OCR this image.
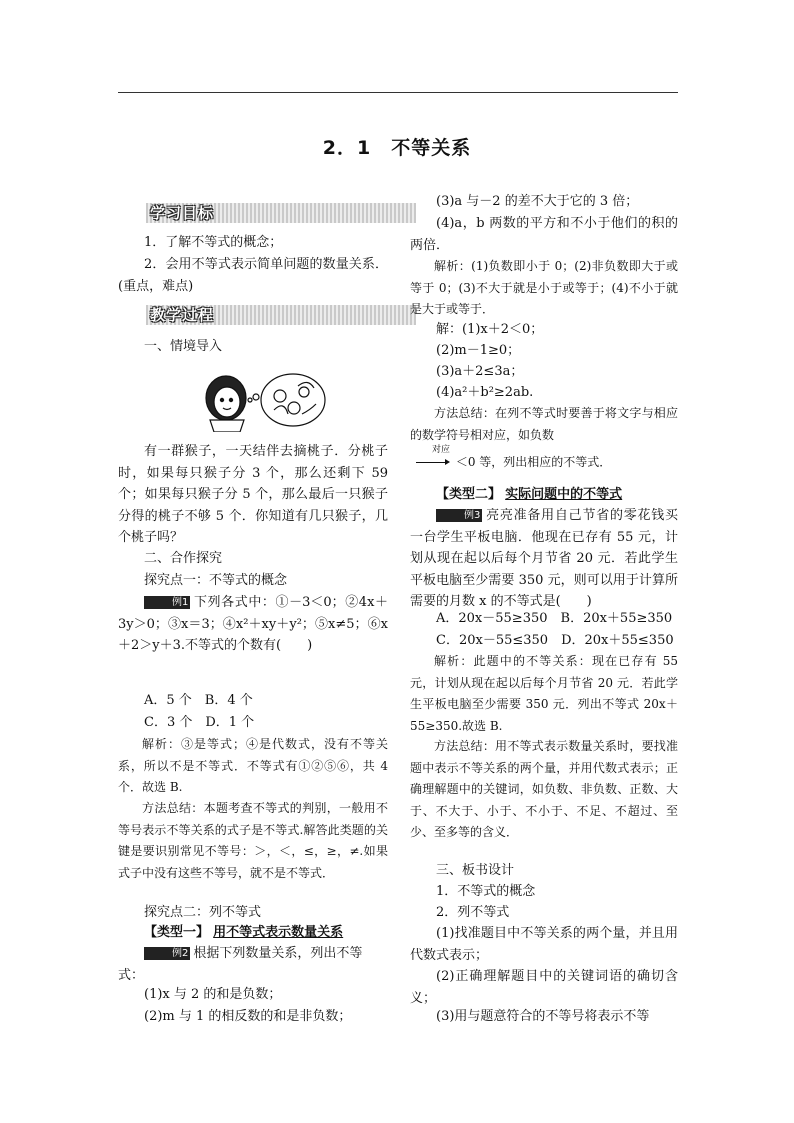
2．1　不等关系
学习目标
1．了解不等式的概念；
2．会用不等式表示简单问题的数量关系．(重点，难点)
教学过程
一、情境导入
有一群猴子，一天结伴去摘桃子．分桃子时，如果每只猴子分 3 个，那么还剩下 59 个；如果每只猴子分 5 个，那么最后一只猴子分得的桃子不够 5 个．你知道有几只猴子，几个桃子吗？
二、合作探究
探究点一：不等式的概念
例1 下列各式中：①－3＜0；②4x＋3y＞0；③x＝3；④x²＋xy＋y²；⑤x≠5；⑥x＋2＞y＋3.不等式的个数有(　　)
A．5 个　B．4 个
C．3 个　D．1 个
解析：③是等式；④是代数式，没有不等关系，所以不是不等式．不等式有①②⑤⑥，共 4 个．故选 B.
方法总结：本题考查不等式的判别，一般用不等号表示不等关系的式子是不等式.解答此类题的关键是要识别常见不等号：＞，＜，≤，≥，≠.如果式子中没有这些不等号，就不是不等式．
探究点二：列不等式
【类型一】 用不等式表示数量关系
例2 根据下列数量关系，列出不等式：
(1)x 与 2 的和是负数；
(2)m 与 1 的相反数的和是非负数；
(3)a 与－2 的差不大于它的 3 倍；
(4)a，b 两数的平方和不小于他们的积的两倍．
解析：(1)负数即小于 0；(2)非负数即大于或等于 0；(3)不大于就是小于或等于；(4)不小于就是大于或等于．
解：(1)x＋2＜0；
(2)m－1≥0；
(3)a＋2≤3a；
(4)a²＋b²≥2ab.
方法总结：在列不等式时要善于将文字与相应的数学符号相对应，如负数
对应
＜0 等，列出相应的不等式．
【类型二】 实际问题中的不等式
例3 亮亮准备用自己节省的零花钱买一台学生平板电脑．他现在已存有 55 元，计划从现在起以后每个月节省 20 元．若此学生平板电脑至少需要 350 元，则可以用于计算所需要的月数 x 的不等式是(　　)
A．20x－55≥350　B．20x＋55≥350
C．20x－55≤350　D．20x＋55≤350
解析：此题中的不等关系：现在已存有 55 元，计划从现在起以后每个月节省 20 元．若此学生平板电脑至少需要 350 元．列出不等式 20x＋55≥350.故选 B.
方法总结：用不等式表示数量关系时，要找准题中表示不等关系的两个量，并用代数式表示；正确理解题中的关键词，如负数、非负数、正数、大于、不大于、小于、不小于、不足、不超过、至少、至多等的含义．
三、板书设计
1．不等式的概念
2．列不等式
(1)找准题目中不等关系的两个量，并且用代数式表示；
(2)正确理解题目中的关键词语的确切含义；
(3)用与题意符合的不等号将表示不等
